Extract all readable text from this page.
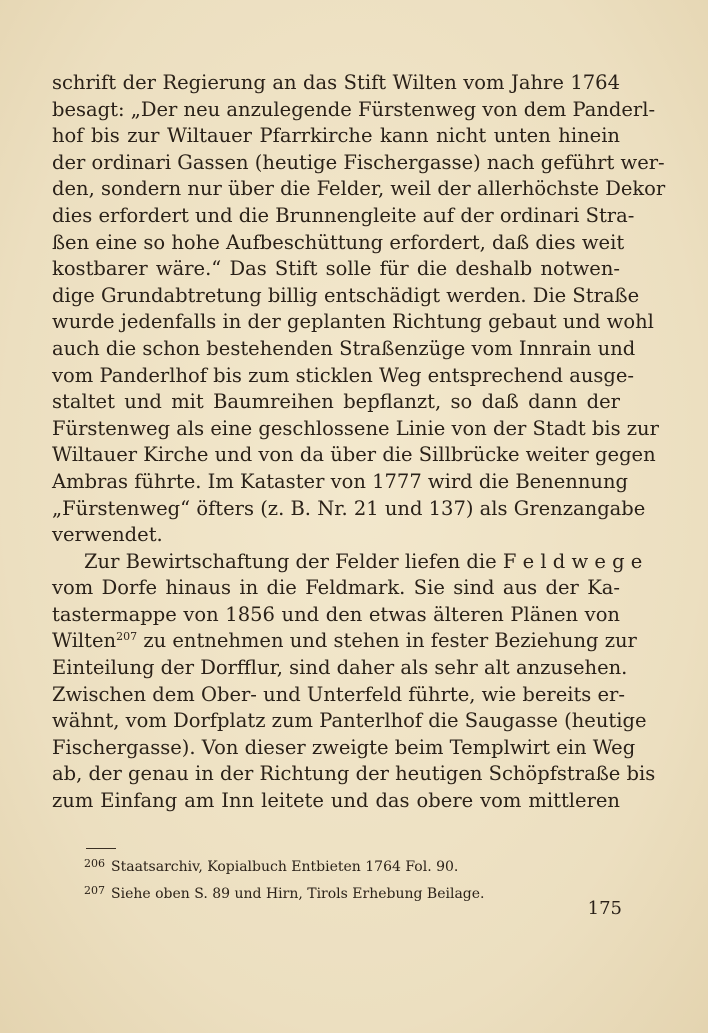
schrift der Regierung an das Stift Wilten vom Jahre 1764
besagt: „Der neu anzulegende Fürstenweg von dem Panderl-
hof bis zur Wiltauer Pfarrkirche kann nicht unten hinein
der ordinari Gassen (heutige Fischergasse) nach geführt wer-
den, sondern nur über die Felder, weil der allerhöchste Dekor
dies erfordert und die Brunnengleite auf der ordinari Stra-
ßen eine so hohe Aufbeschüttung erfordert, daß dies weit
kostbarer wäre.“ Das Stift solle für die deshalb notwen-
dige Grundabtretung billig entschädigt werden. Die Straße
wurde jedenfalls in der geplanten Richtung gebaut und wohl
auch die schon bestehenden Straßenzüge vom Innrain und
vom Panderlhof bis zum sticklen Weg entsprechend ausge-
staltet und mit Baumreihen bepflanzt, so daß dann der
Fürstenweg als eine geschlossene Linie von der Stadt bis zur
Wiltauer Kirche und von da über die Sillbrücke weiter gegen
Ambras führte. Im Kataster von 1777 wird die Benennung
„Fürstenweg“ öfters (z. B. Nr. 21 und 137) als Grenzangabe
verwendet.
Zur Bewirtschaftung der Felder liefen die F e l d w e g e
vom Dorfe hinaus in die Feldmark. Sie sind aus der Ka-
tastermappe von 1856 und den etwas älteren Plänen von
Wilten$^{207}$ zu entnehmen und stehen in fester Beziehung zur
Einteilung der Dorfflur, sind daher als sehr alt anzusehen.
Zwischen dem Ober- und Unterfeld führte, wie bereits er-
wähnt, vom Dorfplatz zum Panterlhof die Saugasse (heutige
Fischergasse). Von dieser zweigte beim Templwirt ein Weg
ab, der genau in der Richtung der heutigen Schöpfstraße bis
zum Einfang am Inn leitete und das obere vom mittleren
$^{206}$ Staatsarchiv, Kopialbuch Entbieten 1764 Fol. 90.
$^{207}$ Siehe oben S. 89 und Hirn, Tirols Erhebung Beilage.
175
